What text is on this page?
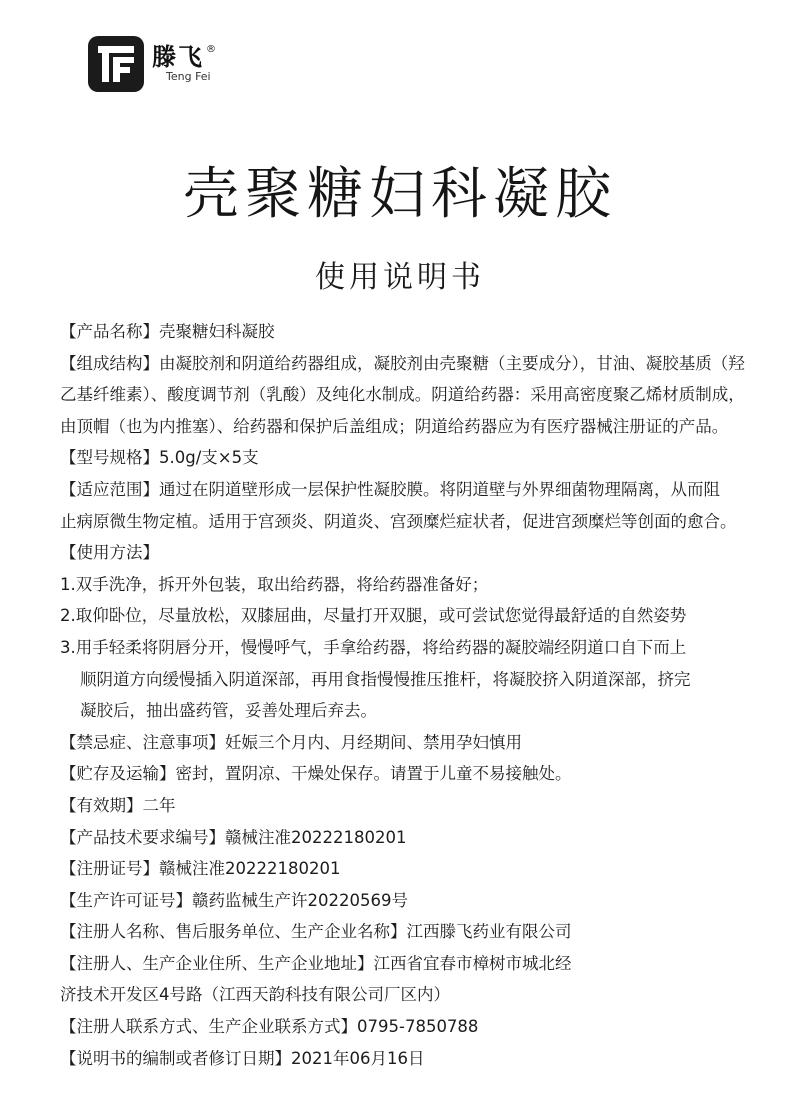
滕飞 ®
Teng Fei
壳聚糖妇科凝胶
使用说明书
【产品名称】壳聚糖妇科凝胶
【组成结构】由凝胶剂和阴道给药器组成，凝胶剂由壳聚糖（主要成分），甘油、凝胶基质（羟
乙基纤维素）、酸度调节剂（乳酸）及纯化水制成。阴道给药器：采用高密度聚乙烯材质制成，
由顶帽（也为内推塞）、给药器和保护后盖组成；阴道给药器应为有医疗器械注册证的产品。
【型号规格】5.0g/支×5支
【适应范围】通过在阴道壁形成一层保护性凝胶膜。将阴道壁与外界细菌物理隔离，从而阻
止病原微生物定植。适用于宫颈炎、阴道炎、宫颈糜烂症状者，促进宫颈糜烂等创面的愈合。
【使用方法】
1.双手洗净，拆开外包装，取出给药器，将给药器准备好；
2.取仰卧位，尽量放松，双膝屈曲，尽量打开双腿，或可尝试您觉得最舒适的自然姿势
3.用手轻柔将阴唇分开，慢慢呼气，手拿给药器，将给药器的凝胶端经阴道口自下而上
顺阴道方向缓慢插入阴道深部，再用食指慢慢推压推杆，将凝胶挤入阴道深部，挤完
凝胶后，抽出盛药管，妥善处理后弃去。
【禁忌症、注意事项】妊娠三个月内、月经期间、禁用孕妇慎用
【贮存及运输】密封，置阴凉、干燥处保存。请置于儿童不易接触处。
【有效期】二年
【产品技术要求编号】赣械注准20222180201
【注册证号】赣械注准20222180201
【生产许可证号】赣药监械生产许20220569号
【注册人名称、售后服务单位、生产企业名称】江西滕飞药业有限公司
【注册人、生产企业住所、生产企业地址】江西省宜春市樟树市城北经
济技术开发区4号路（江西天韵科技有限公司厂区内）
【注册人联系方式、生产企业联系方式】0795-7850788
【说明书的编制或者修订日期】2021年06月16日
